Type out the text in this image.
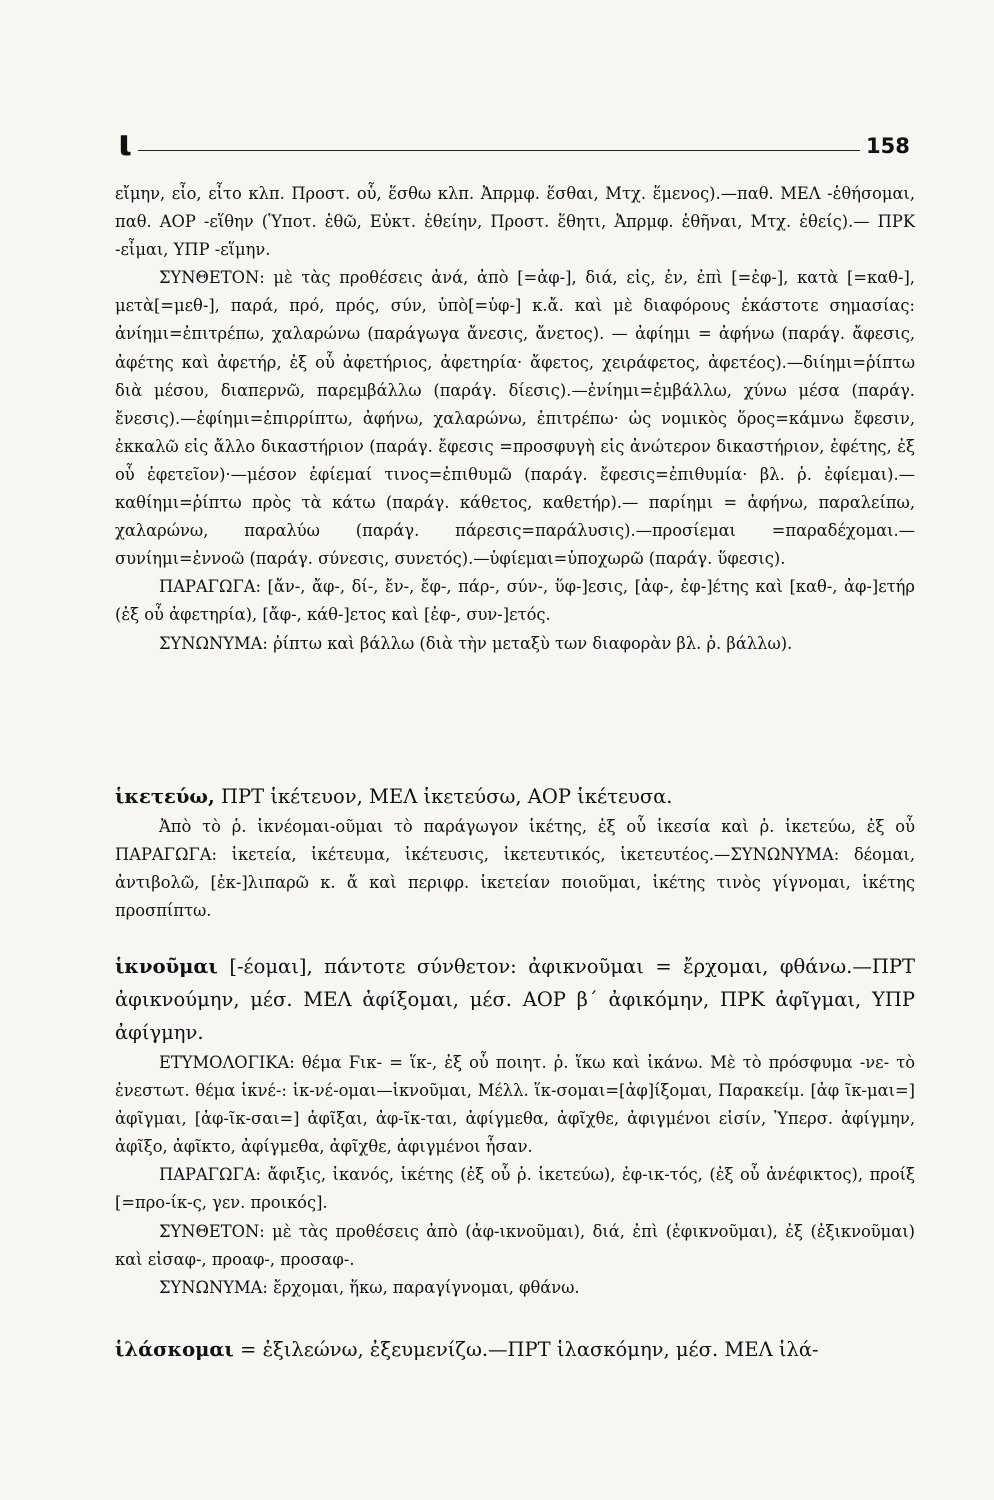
ι	158

εἴμην, εἶο, εἶτο κλπ. Προστ. οὗ, ἕσθω κλπ. Ἀπρμφ. ἕσθαι, Μτχ. ἕμενος).—παθ. ΜΕΛ -ἑθήσομαι, παθ. ΑΟΡ -εἵθην (Ὑποτ. ἑθῶ, Εὐκτ. ἑθείην, Προστ. ἕθητι, Ἀπρμφ. ἑθῆναι, Μτχ. ἑθείς).— ΠΡΚ -εἶμαι, ΥΠΡ -εἵμην.

ΣΥΝΘΕΤΟΝ: μὲ τὰς προθέσεις ἀνά, ἀπὸ [=ἀφ-], διά, εἰς, ἐν, ἐπὶ [=ἐφ-], κατὰ [=καθ-], μετὰ[=μεθ-], παρά, πρό, πρός, σύν, ὑπὸ[=ὑφ-] κ.ἄ. καὶ μὲ διαφόρους ἑκάστοτε σημασίας: ἀνίημι=ἐπιτρέπω, χαλαρώνω (παράγωγα ἄνεσις, ἄνετος). — ἀφίημι = ἀφήνω (παράγ. ἄφεσις, ἀφέτης καὶ ἀφετήρ, ἐξ οὗ ἀφετήριος, ἀφετηρία· ἄφετος, χειράφετος, ἀφετέος).—διίημι=ῥίπτω διὰ μέσου, διαπερνῶ, παρεμβάλλω (παράγ. δίεσις).—ἐνίημι=ἐμβάλλω, χύνω μέσα (παράγ. ἔνεσις).—ἐφίημι=ἐπιρρίπτω, ἀφήνω, χαλαρώνω, ἐπιτρέπω· ὡς νομικὸς ὅρος=κάμνω ἔφεσιν, ἐκκαλῶ εἰς ἄλλο δικαστήριον (παράγ. ἔφεσις =προσφυγὴ εἰς ἀνώτερον δικαστήριον, ἐφέτης, ἐξ οὗ ἐφετεῖον)·—μέσον ἐφίεμαί τινος=ἐπιθυμῶ (παράγ. ἔφεσις=ἐπιθυμία· βλ. ῥ. ἐφίεμαι).—καθίημι=ῥίπτω πρὸς τὰ κάτω (παράγ. κάθετος, καθετήρ).— παρίημι = ἀφήνω, παραλείπω, χαλαρώνω, παραλύω (παράγ. πάρεσις=παράλυσις).—προσίεμαι =παραδέχομαι.—συνίημι=ἐννοῶ (παράγ. σύνεσις, συνετός).—ὑφίεμαι=ὑποχωρῶ (παράγ. ὕφεσις).

ΠΑΡΑΓΩΓΑ: [ἄν-, ἄφ-, δί-, ἔν-, ἔφ-, πάρ-, σύν-, ὕφ-]εσις, [ἀφ-, ἐφ-]έτης καὶ [καθ-, ἀφ-]ετήρ (ἐξ οὗ ἀφετηρία), [ἄφ-, κάθ-]ετος καὶ [ἐφ-, συν-]ετός.

ΣΥΝΩΝΥΜΑ: ῥίπτω καὶ βάλλω (διὰ τὴν μεταξὺ των διαφορὰν βλ. ῥ. βάλλω).

ἱκετεύω, ΠΡΤ ἱκέτευον, ΜΕΛ ἱκετεύσω, ΑΟΡ ἱκέτευσα.

Ἀπὸ τὸ ῥ. ἱκνέομαι-οῦμαι τὸ παράγωγον ἱκέτης, ἐξ οὗ ἱκεσία καὶ ῥ. ἱκετεύω, ἐξ οὗ ΠΑΡΑΓΩΓΑ: ἱκετεία, ἱκέτευμα, ἱκέτευσις, ἱκετευτικός, ἱκετευτέος.—ΣΥΝΩΝΥΜΑ: δέομαι, ἀντιβολῶ, [ἐκ-]λιπαρῶ κ. ἄ καὶ περιφρ. ἱκετείαν ποιοῦμαι, ἱκέτης τινὸς γίγνομαι, ἱκέτης προσπίπτω.

ἱκνοῦμαι [-έομαι], πάντοτε σύνθετον: ἀφικνοῦμαι = ἔρχομαι, φθάνω.—ΠΡΤ ἀφικνούμην, μέσ. ΜΕΛ ἀφίξομαι, μέσ. ΑΟΡ β΄ ἀφικόμην, ΠΡΚ ἀφῖγμαι, ΥΠΡ ἀφίγμην.

ΕΤΥΜΟΛΟΓΙΚΑ: θέμα Ϝικ- = ἵκ-, ἐξ οὗ ποιητ. ῥ. ἵκω καὶ ἱκάνω. Μὲ τὸ πρόσφυμα -νε- τὸ ἐνεστωτ. θέμα ἱκνέ-: ἱκ-νέ-ομαι—ἱκνοῦμαι, Μέλλ. ἵκ-σομαι=[ἀφ]ίξομαι, Παρακείμ. [ἀφ ῖκ-μαι=] ἀφῖγμαι, [ἀφ-ῖκ-σαι=] ἀφῖξαι, ἀφ-ῖκ-ται, ἀφίγμεθα, ἀφῖχθε, ἀφιγμένοι εἰσίν, Ὑπερσ. ἀφίγμην, ἀφῖξο, ἀφῖκτο, ἀφίγμεθα, ἀφῖχθε, ἀφιγμένοι ἦσαν.

ΠΑΡΑΓΩΓΑ: ἄφιξις, ἱκανός, ἱκέτης (ἐξ οὗ ῥ. ἱκετεύω), ἐφ-ικ-τός, (ἐξ οὗ ἀνέφικτος), προίξ [=προ-ίκ-ς, γεν. προικός].

ΣΥΝΘΕΤΟΝ: μὲ τὰς προθέσεις ἀπὸ (ἀφ-ικνοῦμαι), διά, ἐπὶ (ἐφικνοῦμαι), ἐξ (ἐξικνοῦμαι) καὶ εἰσαφ-, προαφ-, προσαφ-.

ΣΥΝΩΝΥΜΑ: ἔρχομαι, ἥκω, παραγίγνομαι, φθάνω.

ἱλάσκομαι = ἐξιλεώνω, ἐξευμενίζω.—ΠΡΤ ἱλασκόμην, μέσ. ΜΕΛ ἱλά-
